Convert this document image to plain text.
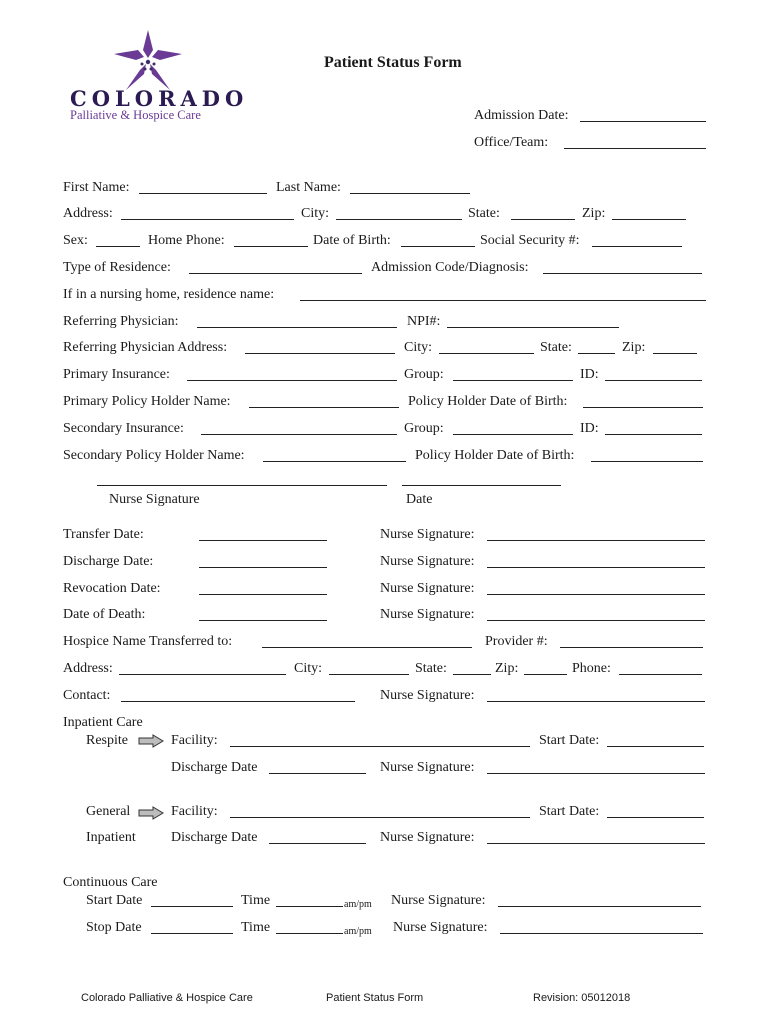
COLORADO
Palliative & Hospice Care
Patient Status Form
Admission Date:
Office/Team:
First Name:	Last Name:
Address:	City:	State:	Zip:
Sex:	Home Phone:	Date of Birth:	Social Security #:
Type of Residence:	Admission Code/Diagnosis:
If in a nursing home, residence name:
Referring Physician:	NPI#:
Referring Physician Address:	City:	State:	Zip:
Primary Insurance:	Group:	ID:
Primary Policy Holder Name:	Policy Holder Date of Birth:
Secondary Insurance:	Group:	ID:
Secondary Policy Holder Name:	Policy Holder Date of Birth:
Nurse Signature	Date
Transfer Date:	Nurse Signature:
Discharge Date:	Nurse Signature:
Revocation Date:	Nurse Signature:
Date of Death:	Nurse Signature:
Hospice Name Transferred to:	Provider #:
Address:	City:	State:	Zip:	Phone:
Contact:	Nurse Signature:
Inpatient Care
Respite	Facility:	Start Date:
Discharge Date	Nurse Signature:
General	Facility:	Start Date:
Inpatient	Discharge Date	Nurse Signature:
Continuous Care
Start Date	Time	am/pm Nurse Signature:
Stop Date	Time	am/pm Nurse Signature:
Colorado Palliative & Hospice Care	Patient Status Form	Revision: 05012018
